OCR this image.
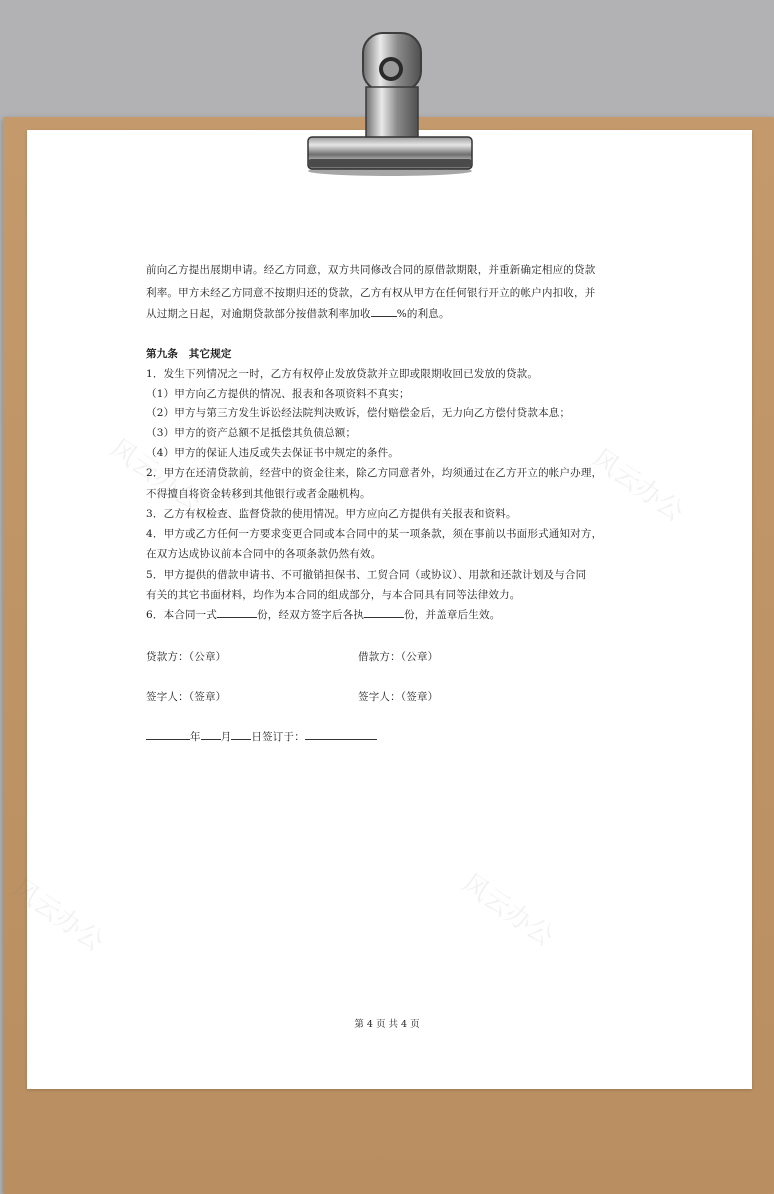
风云办公	风云办公
风云办公	风云办公
前向乙方提出展期申请。经乙方同意，双方共同修改合同的原借款期限，并重新确定相应的贷款
利率。甲方未经乙方同意不按期归还的贷款，乙方有权从甲方在任何银行开立的帐户内扣收，并
从过期之日起，对逾期贷款部分按借款利率加收 %的利息。
第九条　其它规定
1．发生下列情况之一时，乙方有权停止发放贷款并立即或限期收回已发放的贷款。
（1）甲方向乙方提供的情况、报表和各项资料不真实；
（2）甲方与第三方发生诉讼经法院判决败诉，偿付赔偿金后，无力向乙方偿付贷款本息；
（3）甲方的资产总额不足抵偿其负债总额；
（4）甲方的保证人违反或失去保证书中规定的条件。
2．甲方在还清贷款前，经营中的资金往来，除乙方同意者外，均须通过在乙方开立的帐户办理，
不得擅自将资金转移到其他银行或者金融机构。
3．乙方有权检查、监督贷款的使用情况。甲方应向乙方提供有关报表和资料。
4．甲方或乙方任何一方要求变更合同或本合同中的某一项条款，须在事前以书面形式通知对方，
在双方达成协议前本合同中的各项条款仍然有效。
5．甲方提供的借款申请书、不可撤销担保书、工贸合同（或协议）、用款和还款计划及与合同
有关的其它书面材料，均作为本合同的组成部分，与本合同具有同等法律效力。
6．本合同一式	份，经双方签字后各执	份，并盖章后生效。
贷款方：（公章）	借款方：（公章）
签字人：（签章）	签字人：（签章）
年 月 日签订于：
第 4 页 共 4 页
